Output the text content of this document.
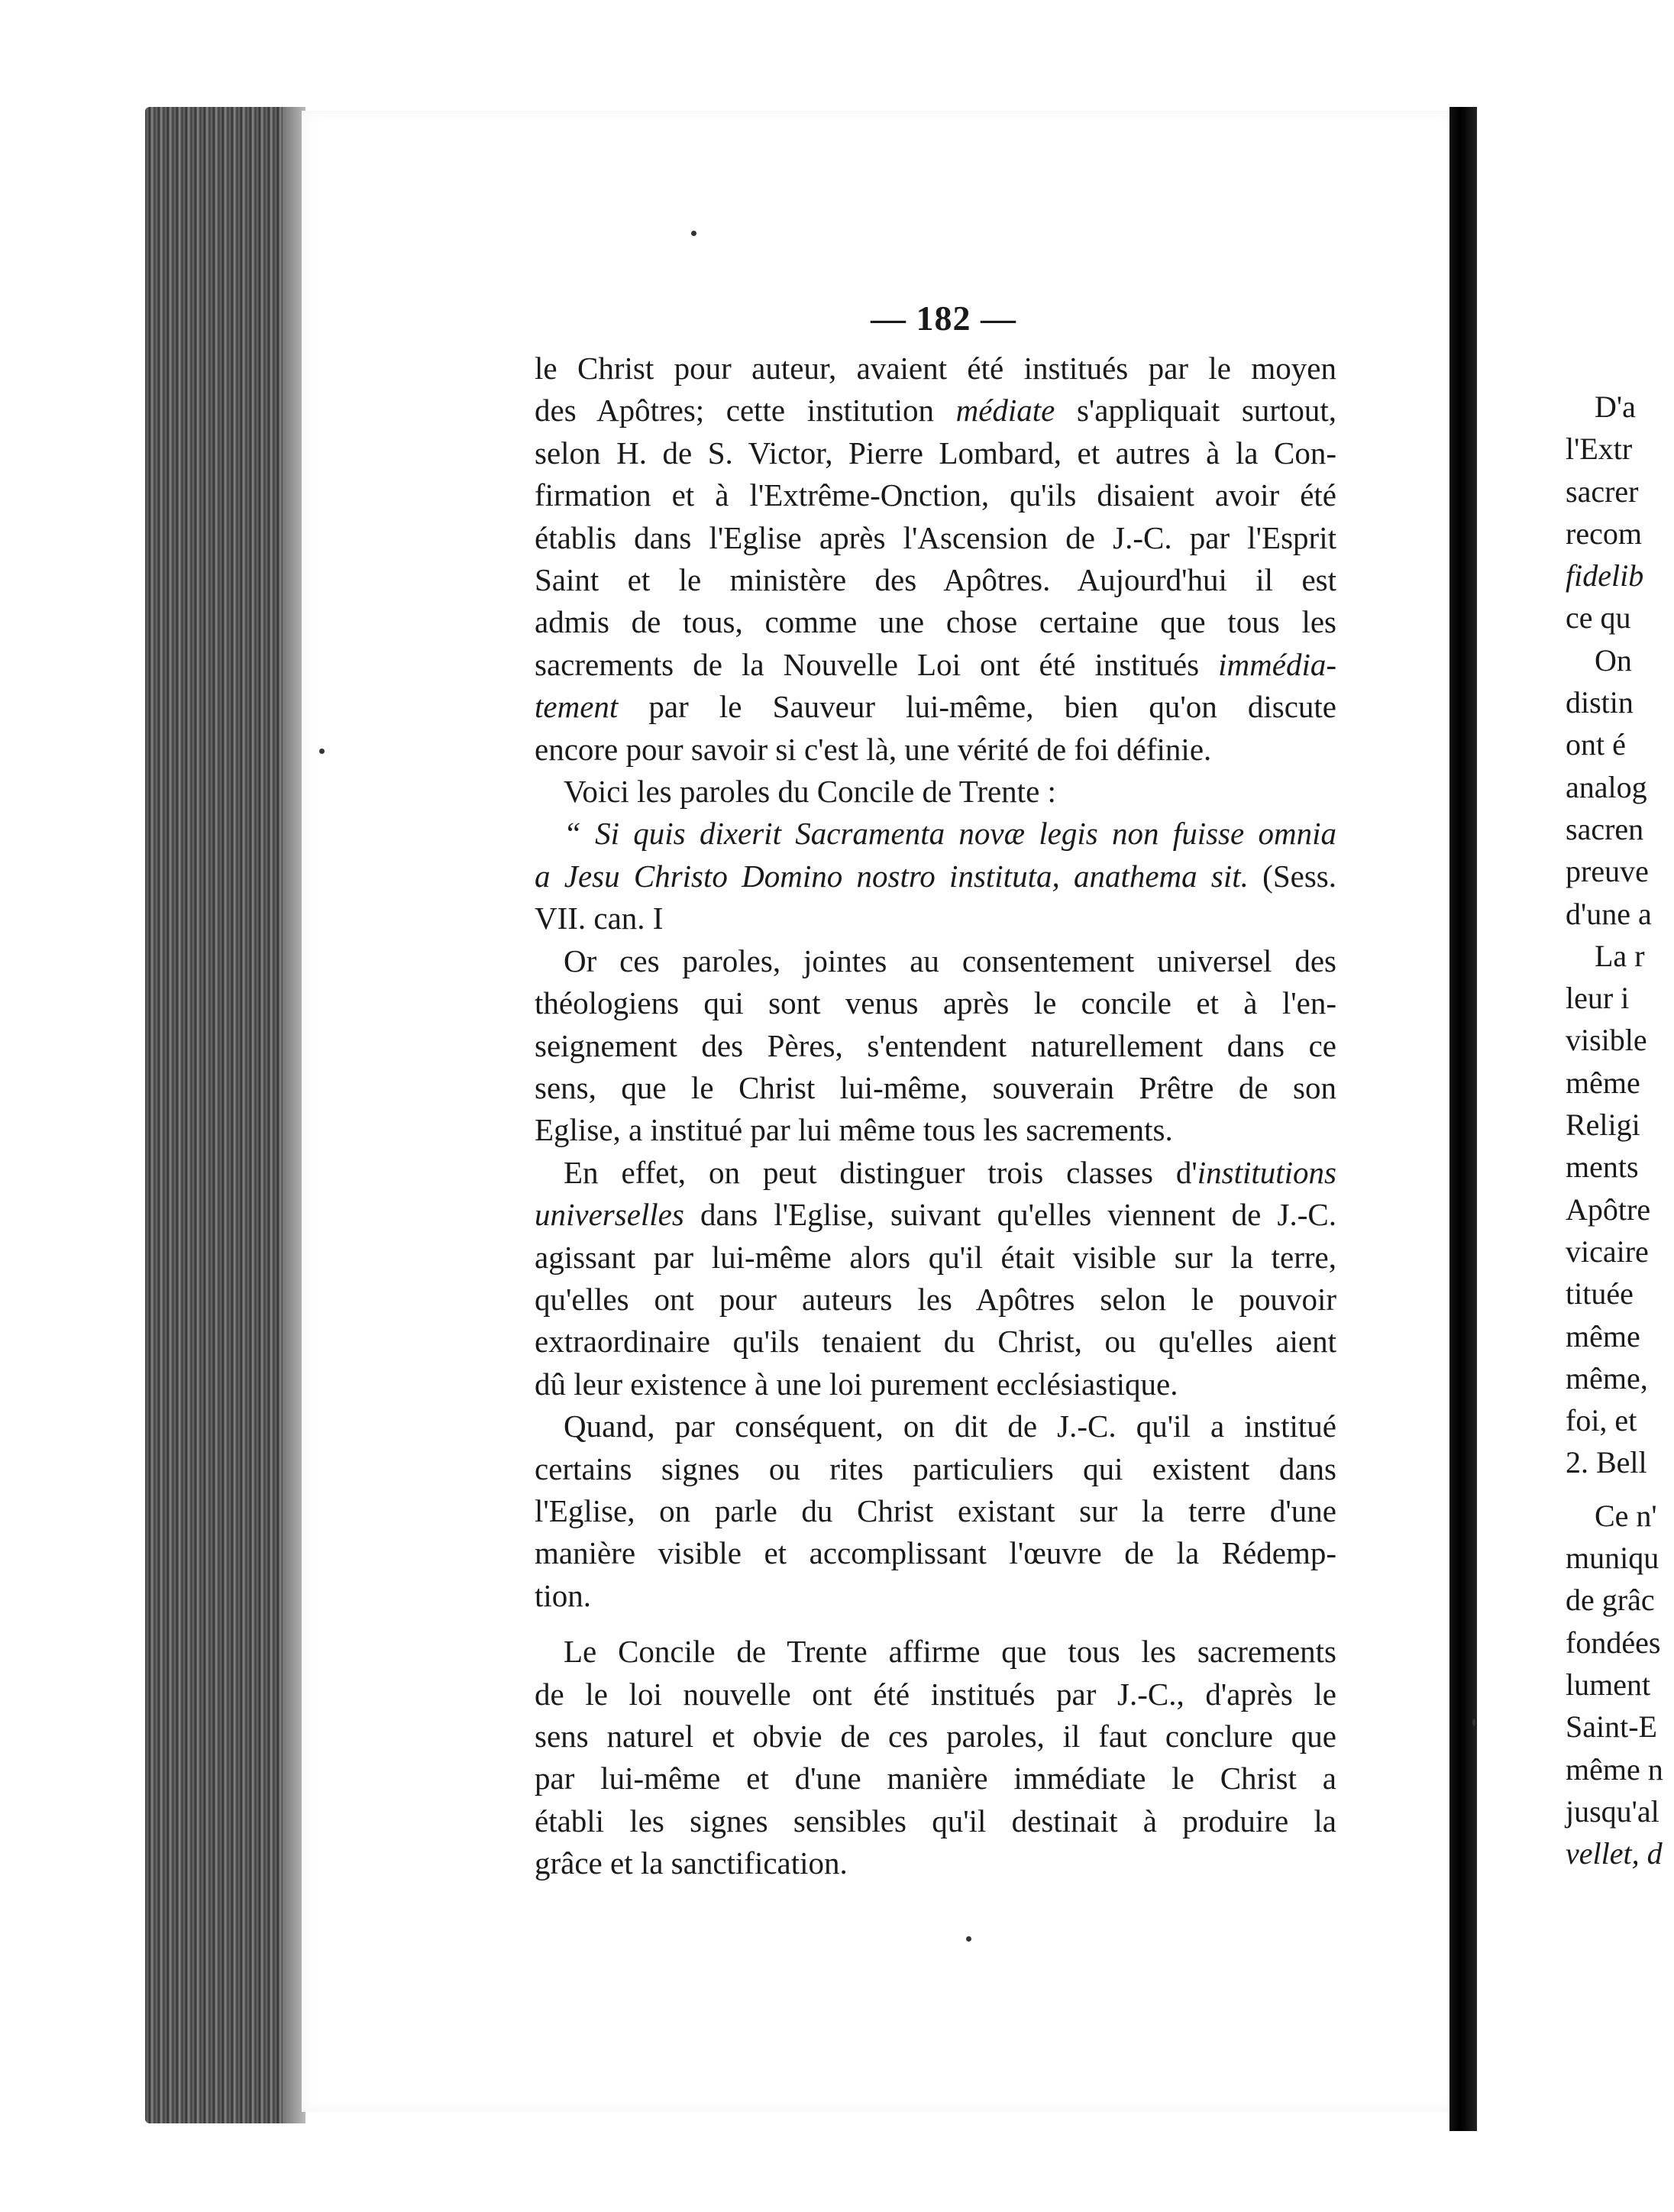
— 182 —
le Christ pour auteur, avaient été institués par le moyen
des Apôtres; cette institution médiate s'appliquait surtout,
selon H. de S. Victor, Pierre Lombard, et autres à la Con-
firmation et à l'Extrême-Onction, qu'ils disaient avoir été
établis dans l'Eglise après l'Ascension de J.-C. par l'Esprit
Saint et le ministère des Apôtres. Aujourd'hui il est
admis de tous, comme une chose certaine que tous les
sacrements de la Nouvelle Loi ont été institués immédia-
tement par le Sauveur lui-même, bien qu'on discute
encore pour savoir si c'est là, une vérité de foi définie.
Voici les paroles du Concile de Trente :
“ Si quis dixerit Sacramenta novæ legis non fuisse omnia
a Jesu Christo Domino nostro instituta, anathema sit. (Sess.
VII. can. I
Or ces paroles, jointes au consentement universel des
théologiens qui sont venus après le concile et à l'en-
seignement des Pères, s'entendent naturellement dans ce
sens, que le Christ lui-même, souverain Prêtre de son
Eglise, a institué par lui même tous les sacrements.
En effet, on peut distinguer trois classes d'institutions
universelles dans l'Eglise, suivant qu'elles viennent de J.-C.
agissant par lui-même alors qu'il était visible sur la terre,
qu'elles ont pour auteurs les Apôtres selon le pouvoir
extraordinaire qu'ils tenaient du Christ, ou qu'elles aient
dû leur existence à une loi purement ecclésiastique.
Quand, par conséquent, on dit de J.-C. qu'il a institué
certains signes ou rites particuliers qui existent dans
l'Eglise, on parle du Christ existant sur la terre d'une
manière visible et accomplissant l'œuvre de la Rédemp-
tion.
Le Concile de Trente affirme que tous les sacrements
de le loi nouvelle ont été institués par J.-C., d'après le
sens naturel et obvie de ces paroles, il faut conclure que
par lui-même et d'une manière immédiate le Christ a
établi les signes sensibles qu'il destinait à produire la
grâce et la sanctification.
D'a
l'Extr
sacrer
recom
fidelib
ce qu
On
distin
ont é
analog
sacren
preuve
d'une a
La r
leur i
visible
même
Religi
ments
Apôtre
vicaire
tituée
même
même,
foi, et
2. Bell
Ce n'
muniqu
de grâc
fondées
lument
Saint-E
même n
jusqu'al
vellet, d
